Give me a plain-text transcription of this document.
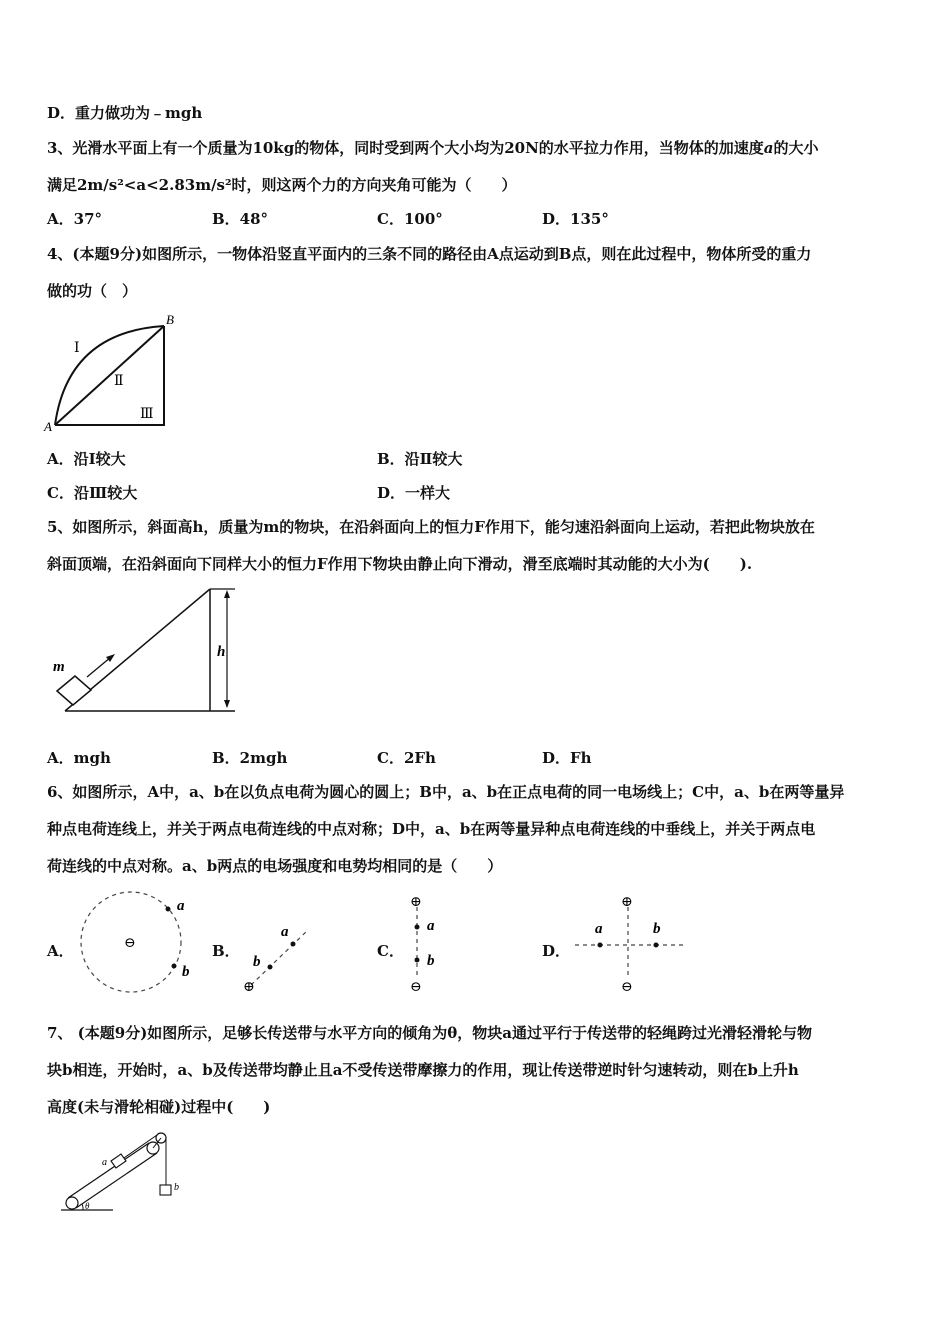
D．重力做功为﹣mgh
3、光滑水平面上有一个质量为10kg的物体，同时受到两个大小均为20N的水平拉力作用，当物体的加速度a的大小
满足2m/s²<a<2.83m/s²时，则这两个力的方向夹角可能为（　　）
A．37°	B．48°	C．100°	D．135°
4、(本题9分)如图所示，一物体沿竖直平面内的三条不同的路径由A点运动到B点，则在此过程中，物体所受的重力
做的功（　）
A
B
Ⅰ
Ⅱ
Ⅲ
A．沿Ⅰ较大	B．沿Ⅱ较大
C．沿Ⅲ较大	D．一样大
5、如图所示，斜面高h，质量为m的物块，在沿斜面向上的恒力F作用下，能匀速沿斜面向上运动，若把此物块放在
斜面顶端，在沿斜面向下同样大小的恒力F作用下物块由静止向下滑动，滑至底端时其动能的大小为(　　).
m
h
A．mgh	B．2mgh	C．2Fh	D．Fh
6、如图所示，A中，a、b在以负点电荷为圆心的圆上；B中，a、b在正点电荷的同一电场线上；C中，a、b在两等量异
种点电荷连线上，并关于两点电荷连线的中点对称；D中，a、b在两等量异种点电荷连线的中垂线上，并关于两点电
荷连线的中点对称。a、b两点的电场强度和电势均相同的是（　　）
A．	⊖
a
b
B．
⊕
a
b
C．
⊕
⊖
a
b
D．
⊕
⊖
a	b
7、 (本题9分)如图所示，足够长传送带与水平方向的倾角为θ，物块a通过平行于传送带的轻绳跨过光滑轻滑轮与物
块b相连，开始时，a、b及传送带均静止且a不受传送带摩擦力的作用，现让传送带逆时针匀速转动，则在b上升h
高度(未与滑轮相碰)过程中(　　)
a
b
θ
